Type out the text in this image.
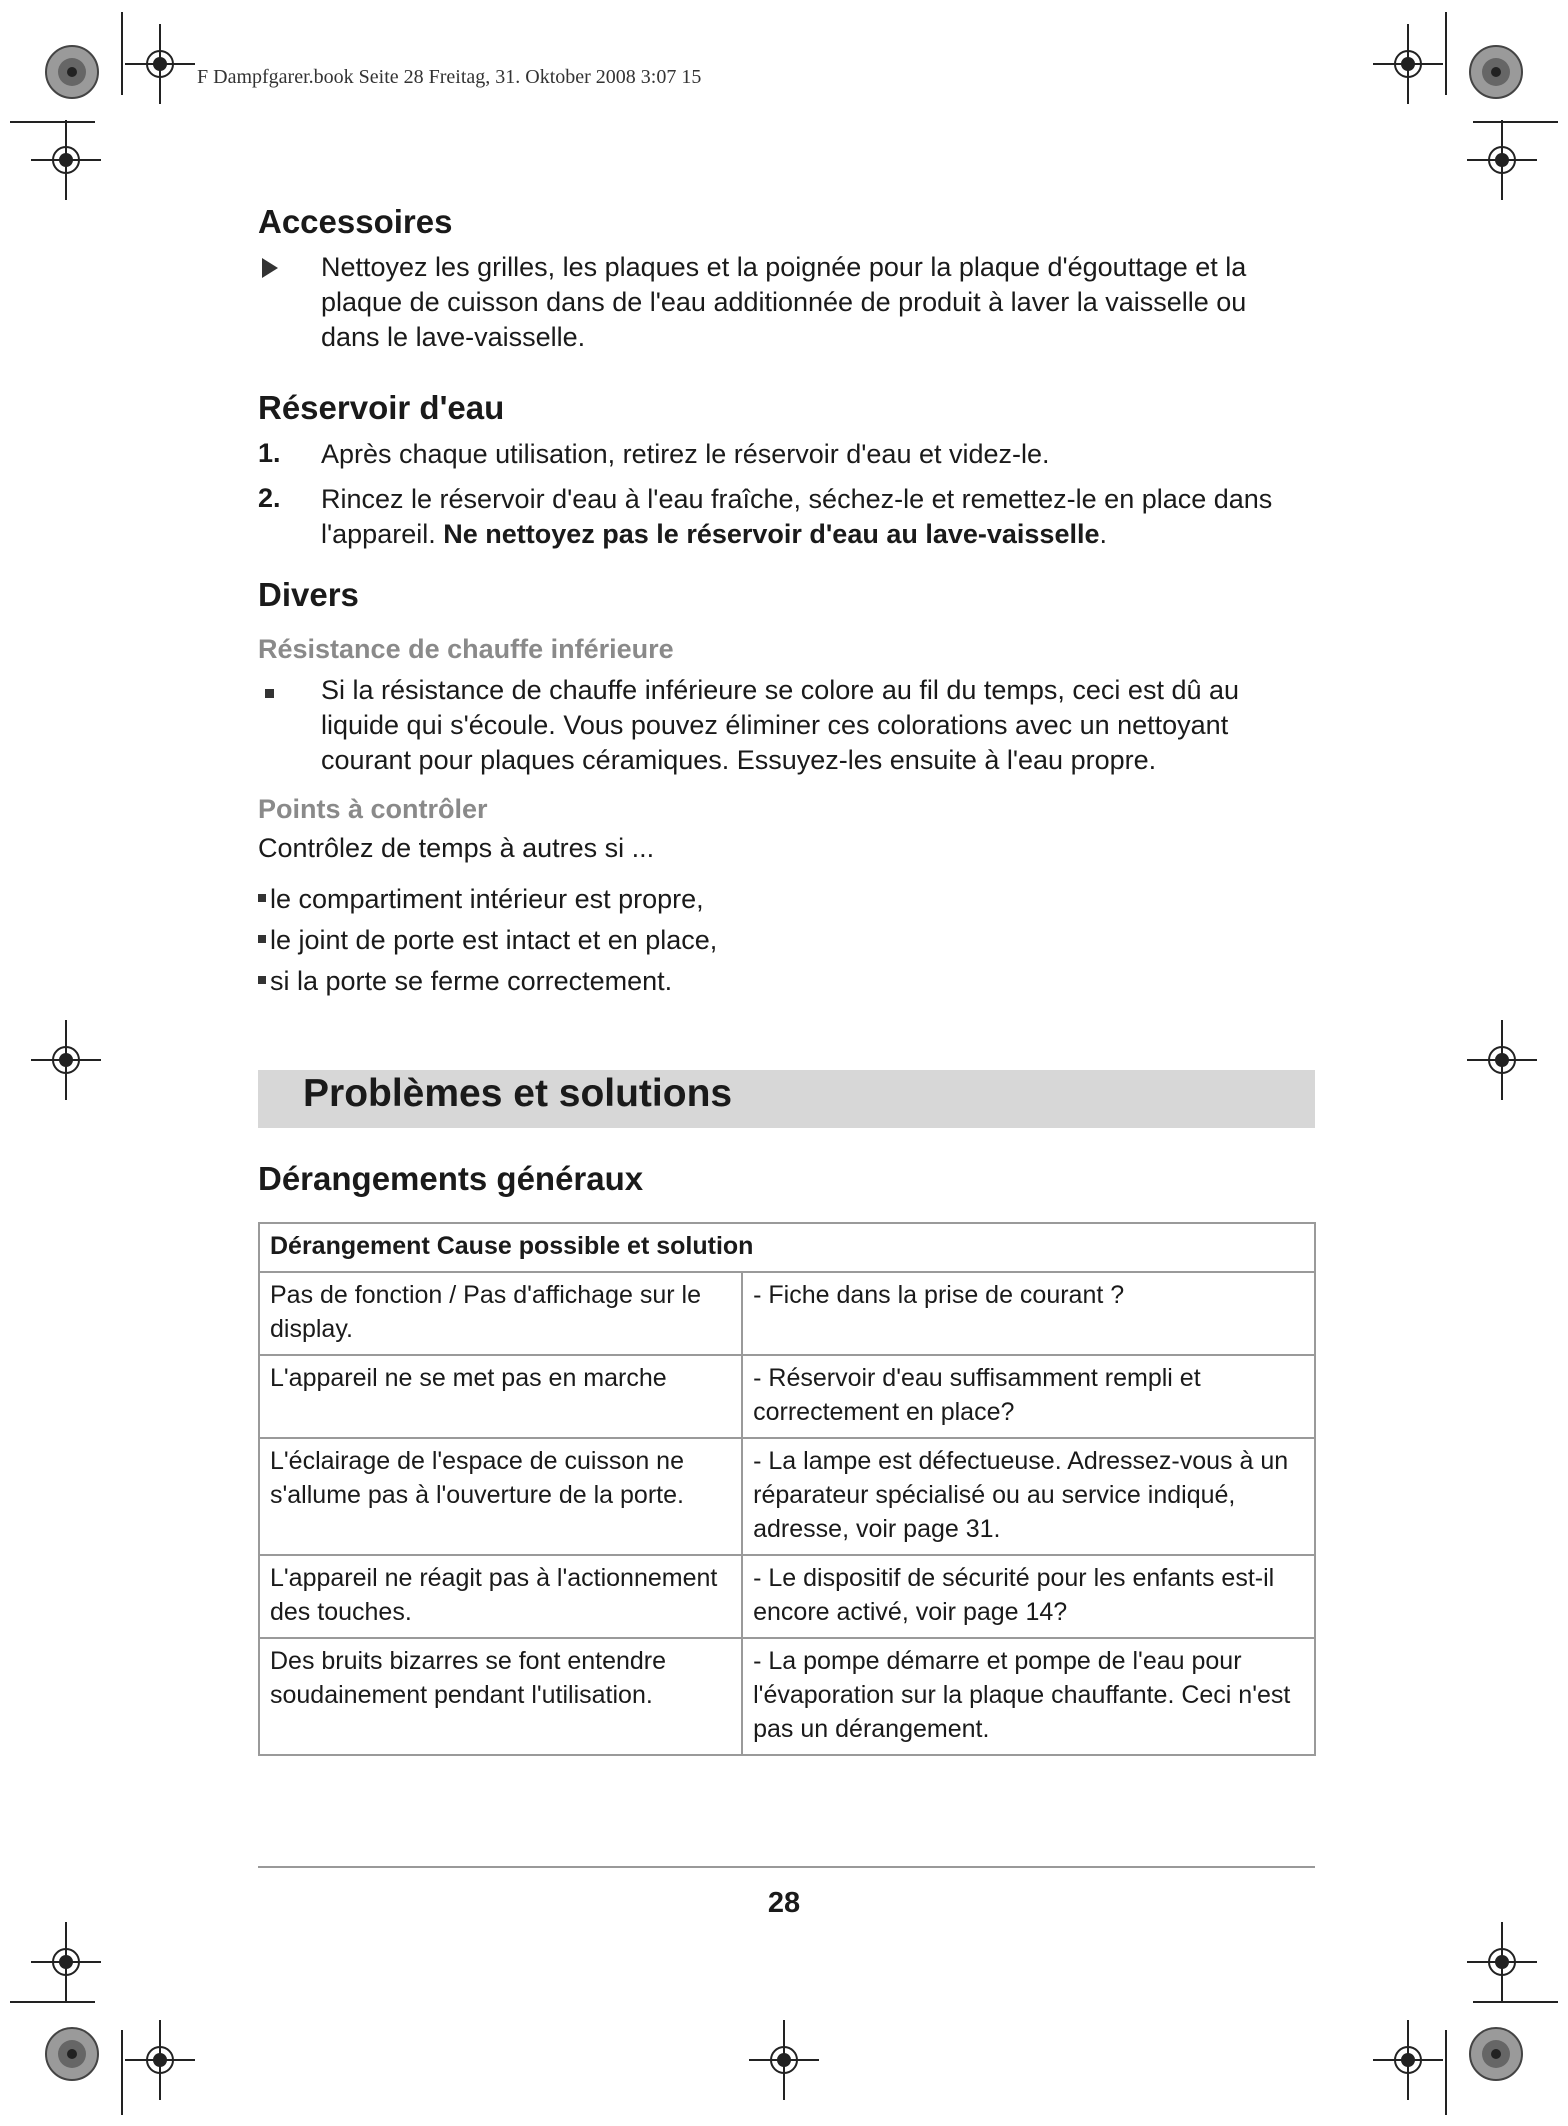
F Dampfgarer.book Seite 28 Freitag, 31. Oktober 2008 3:07 15
Accessoires
Nettoyez les grilles, les plaques et la poignée pour la plaque d'égouttage et la
plaque de cuisson dans de l'eau additionnée de produit à laver la vaisselle ou
dans le lave-vaisselle.
Réservoir d'eau
1. Après chaque utilisation, retirez le réservoir d'eau et videz-le.
2. Rincez le réservoir d'eau à l'eau fraîche, séchez-le et remettez-le en place dans
l'appareil. Ne nettoyez pas le réservoir d'eau au lave-vaisselle.
Divers
Résistance de chauffe inférieure
Si la résistance de chauffe inférieure se colore au fil du temps, ceci est dû au
liquide qui s'écoule. Vous pouvez éliminer ces colorations avec un nettoyant
courant pour plaques céramiques. Essuyez-les ensuite à l'eau propre.
Points à contrôler
Contrôlez de temps à autres si ...
le compartiment intérieur est propre,
le joint de porte est intact et en place,
si la porte se ferme correctement.
Problèmes et solutions
Dérangements généraux
Dérangement Cause possible et solution	
Pas de fonction / Pas d'affichage sur le display.	- Fiche dans la prise de courant ?
L'appareil ne se met pas en marche	- Réservoir d'eau suffisamment rempli et correctement en place?
L'éclairage de l'espace de cuisson ne s'allume pas à l'ouverture de la porte.	- La lampe est défectueuse. Adressez-vous à un réparateur spécialisé ou au service indiqué, adresse, voir page 31.
L'appareil ne réagit pas à l'actionnement des touches.	- Le dispositif de sécurité pour les enfants est-il encore activé, voir page 14?
Des bruits bizarres se font entendre soudainement pendant l'utilisation.	- La pompe démarre et pompe de l'eau pour l'évaporation sur la plaque chauffante. Ceci n'est pas un dérangement.
28
